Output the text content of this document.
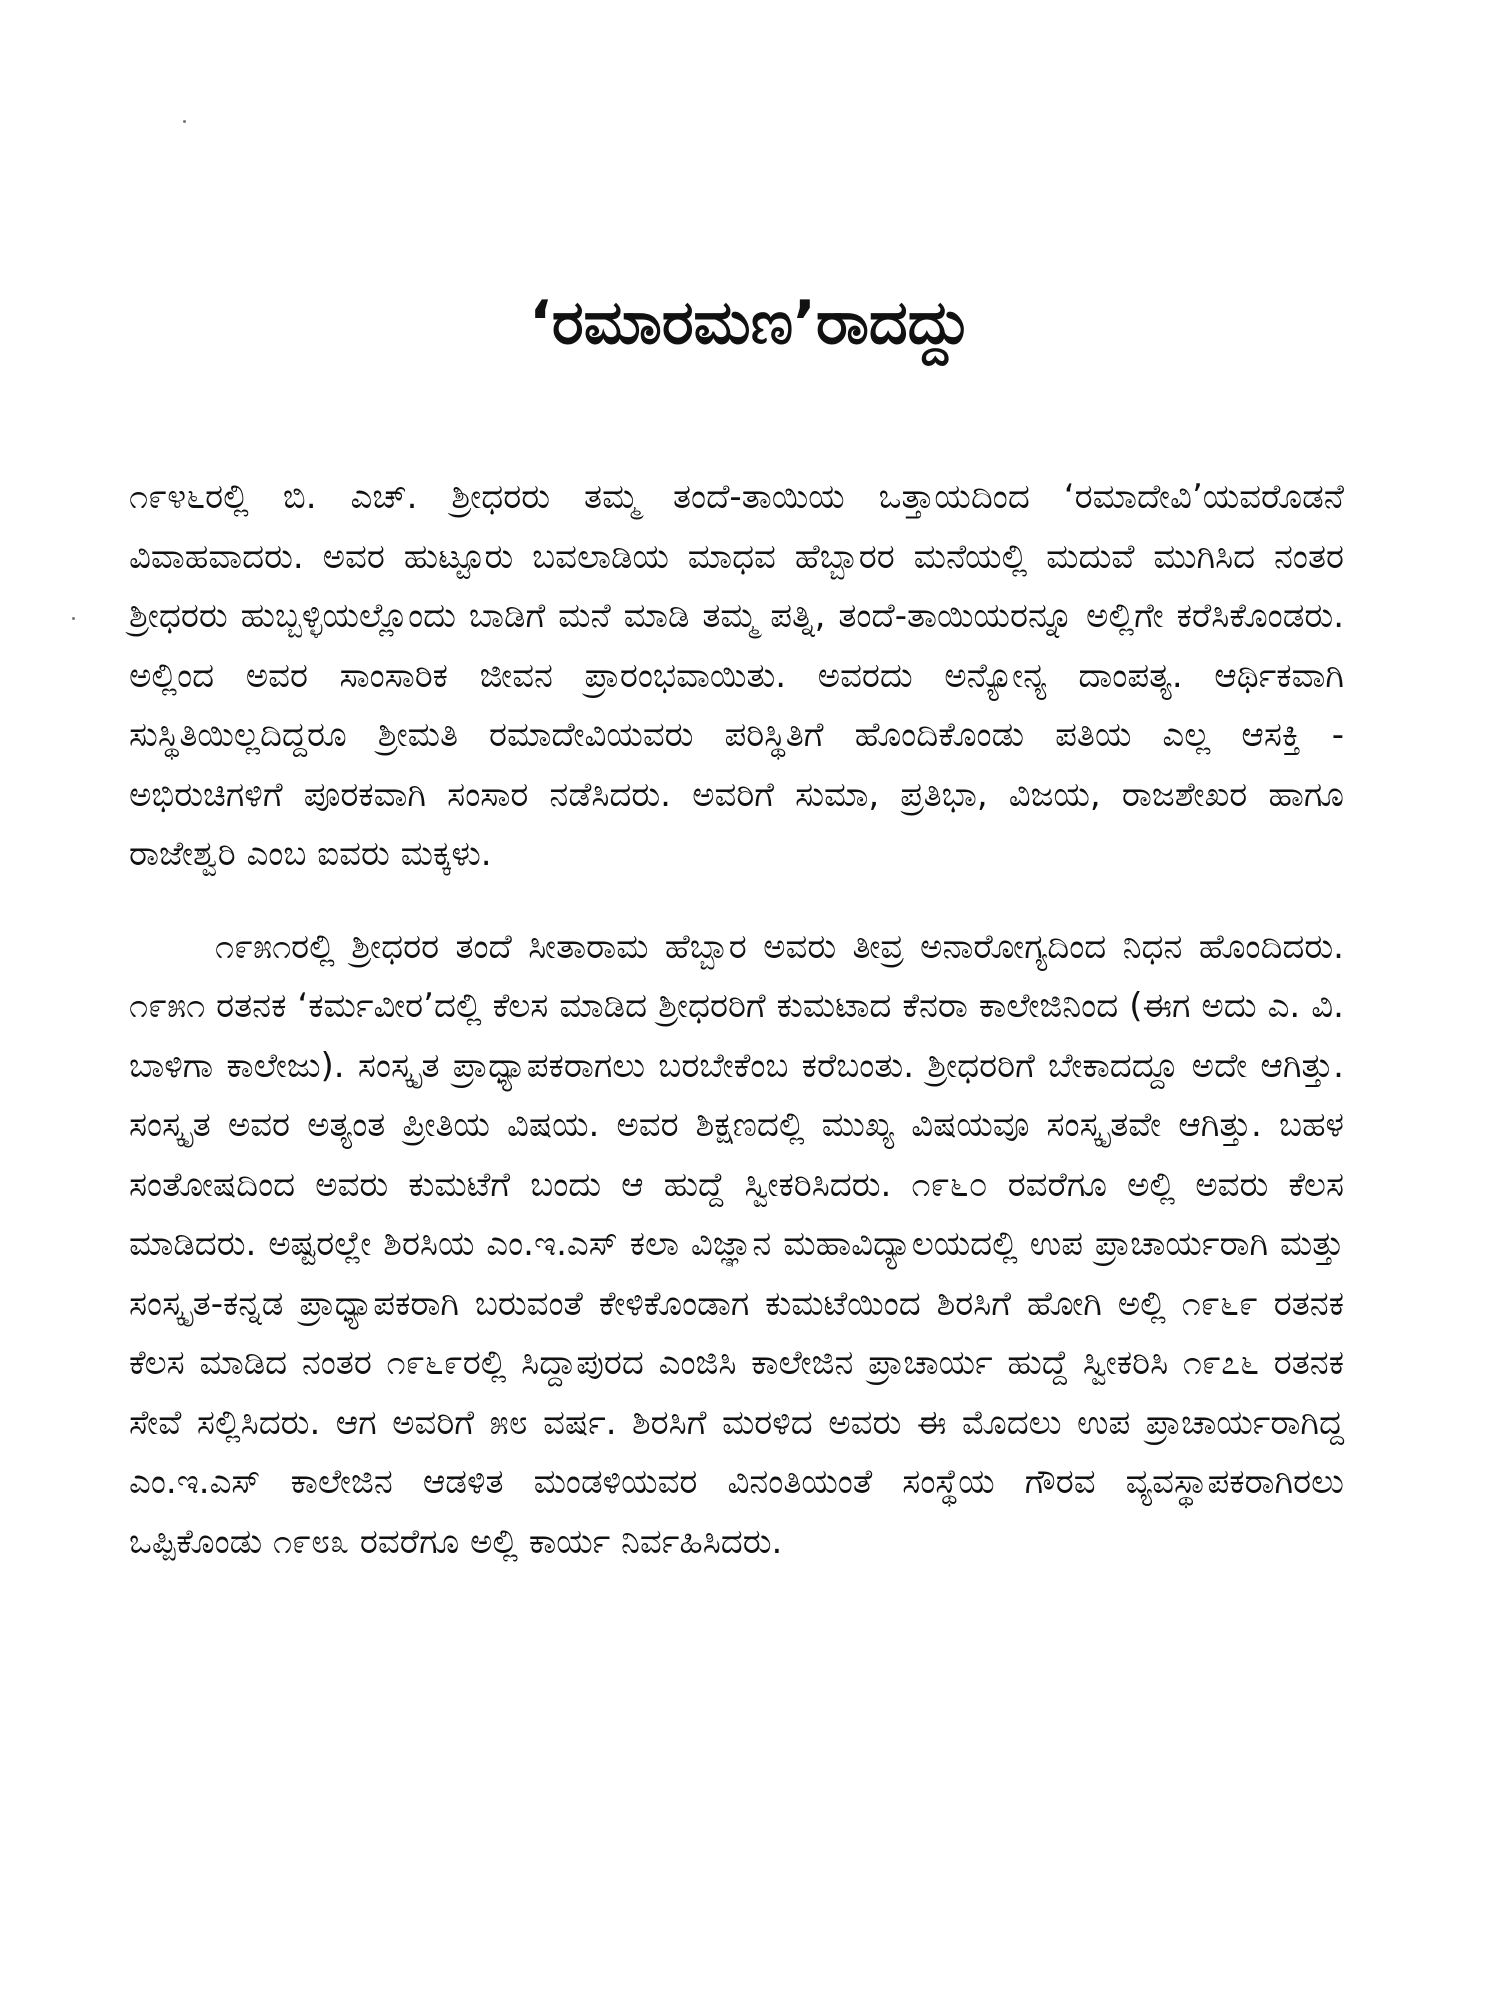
‘ರಮಾರಮಣ’ರಾದದ್ದು

೧೯೪೬ರಲ್ಲಿ ಬಿ. ಎಚ್. ಶ್ರೀಧರರು ತಮ್ಮ ತಂದೆ-ತಾಯಿಯ ಒತ್ತಾಯದಿಂದ ‘ರಮಾದೇವಿ’ಯವರೊಡನೆ ವಿವಾಹವಾದರು. ಅವರ ಹುಟ್ಟೂರು ಬವಲಾಡಿಯ ಮಾಧವ ಹೆಬ್ಬಾರರ ಮನೆಯಲ್ಲಿ ಮದುವೆ ಮುಗಿಸಿದ ನಂತರ ಶ್ರೀಧರರು ಹುಬ್ಬಳ್ಳಿಯಲ್ಲೊಂದು ಬಾಡಿಗೆ ಮನೆ ಮಾಡಿ ತಮ್ಮ ಪತ್ನಿ, ತಂದೆ-ತಾಯಿಯರನ್ನೂ ಅಲ್ಲಿಗೇ ಕರೆಸಿಕೊಂಡರು. ಅಲ್ಲಿಂದ ಅವರ ಸಾಂಸಾರಿಕ ಜೀವನ ಪ್ರಾರಂಭವಾಯಿತು. ಅವರದು ಅನ್ಯೋನ್ಯ ದಾಂಪತ್ಯ. ಆರ್ಥಿಕವಾಗಿ ಸುಸ್ಥಿತಿಯಿಲ್ಲದಿದ್ದರೂ ಶ್ರೀಮತಿ ರಮಾದೇವಿಯವರು ಪರಿಸ್ಥಿತಿಗೆ ಹೊಂದಿಕೊಂಡು ಪತಿಯ ಎಲ್ಲ ಆಸಕ್ತಿ - ಅಭಿರುಚಿಗಳಿಗೆ ಪೂರಕವಾಗಿ ಸಂಸಾರ ನಡೆಸಿದರು. ಅವರಿಗೆ ಸುಮಾ, ಪ್ರತಿಭಾ, ವಿಜಯ, ರಾಜಶೇಖರ ಹಾಗೂ ರಾಜೇಶ್ವರಿ ಎಂಬ ಐವರು ಮಕ್ಕಳು.

೧೯೫೧ರಲ್ಲಿ ಶ್ರೀಧರರ ತಂದೆ ಸೀತಾರಾಮ ಹೆಬ್ಬಾರ ಅವರು ತೀವ್ರ ಅನಾರೋಗ್ಯದಿಂದ ನಿಧನ ಹೊಂದಿದರು. ೧೯೫೧ ರತನಕ ‘ಕರ್ಮವೀರ’ದಲ್ಲಿ ಕೆಲಸ ಮಾಡಿದ ಶ್ರೀಧರರಿಗೆ ಕುಮಟಾದ ಕೆನರಾ ಕಾಲೇಜಿನಿಂದ (ಈಗ ಅದು ಎ. ವಿ. ಬಾಳಿಗಾ ಕಾಲೇಜು). ಸಂಸ್ಕೃತ ಪ್ರಾಧ್ಯಾಪಕರಾಗಲು ಬರಬೇಕೆಂಬ ಕರೆಬಂತು. ಶ್ರೀಧರರಿಗೆ ಬೇಕಾದದ್ದೂ ಅದೇ ಆಗಿತ್ತು. ಸಂಸ್ಕೃತ ಅವರ ಅತ್ಯಂತ ಪ್ರೀತಿಯ ವಿಷಯ. ಅವರ ಶಿಕ್ಷಣದಲ್ಲಿ ಮುಖ್ಯ ವಿಷಯವೂ ಸಂಸ್ಕೃತವೇ ಆಗಿತ್ತು. ಬಹಳ ಸಂತೋಷದಿಂದ ಅವರು ಕುಮಟೆಗೆ ಬಂದು ಆ ಹುದ್ದೆ ಸ್ವೀಕರಿಸಿದರು. ೧೯೬೦ ರವರೆಗೂ ಅಲ್ಲಿ ಅವರು ಕೆಲಸ ಮಾಡಿದರು. ಅಷ್ಟರಲ್ಲೇ ಶಿರಸಿಯ ಎಂ.ಇ.ಎಸ್ ಕಲಾ ವಿಜ್ಞಾನ ಮಹಾವಿದ್ಯಾಲಯದಲ್ಲಿ ಉಪ ಪ್ರಾಚಾರ್ಯರಾಗಿ ಮತ್ತು ಸಂಸ್ಕೃತ-ಕನ್ನಡ ಪ್ರಾಧ್ಯಾಪಕರಾಗಿ ಬರುವಂತೆ ಕೇಳಿಕೊಂಡಾಗ ಕುಮಟೆಯಿಂದ ಶಿರಸಿಗೆ ಹೋಗಿ ಅಲ್ಲಿ ೧೯೬೯ ರತನಕ ಕೆಲಸ ಮಾಡಿದ ನಂತರ ೧೯೬೯ರಲ್ಲಿ ಸಿದ್ದಾಪುರದ ಎಂಜಿಸಿ ಕಾಲೇಜಿನ ಪ್ರಾಚಾರ್ಯ ಹುದ್ದೆ ಸ್ವೀಕರಿಸಿ ೧೯೭೬ ರತನಕ ಸೇವೆ ಸಲ್ಲಿಸಿದರು. ಆಗ ಅವರಿಗೆ ೫೮ ವರ್ಷ. ಶಿರಸಿಗೆ ಮರಳಿದ ಅವರು ಈ ಮೊದಲು ಉಪ ಪ್ರಾಚಾರ್ಯರಾಗಿದ್ದ ಎಂ.ಇ.ಎಸ್ ಕಾಲೇಜಿನ ಆಡಳಿತ ಮಂಡಳಿಯವರ ವಿನಂತಿಯಂತೆ ಸಂಸ್ಥೆಯ ಗೌರವ ವ್ಯವಸ್ಥಾಪಕರಾಗಿರಲು ಒಪ್ಪಿಕೊಂಡು ೧೯೮೩ ರವರೆಗೂ ಅಲ್ಲಿ ಕಾರ್ಯ ನಿರ್ವಹಿಸಿದರು.
